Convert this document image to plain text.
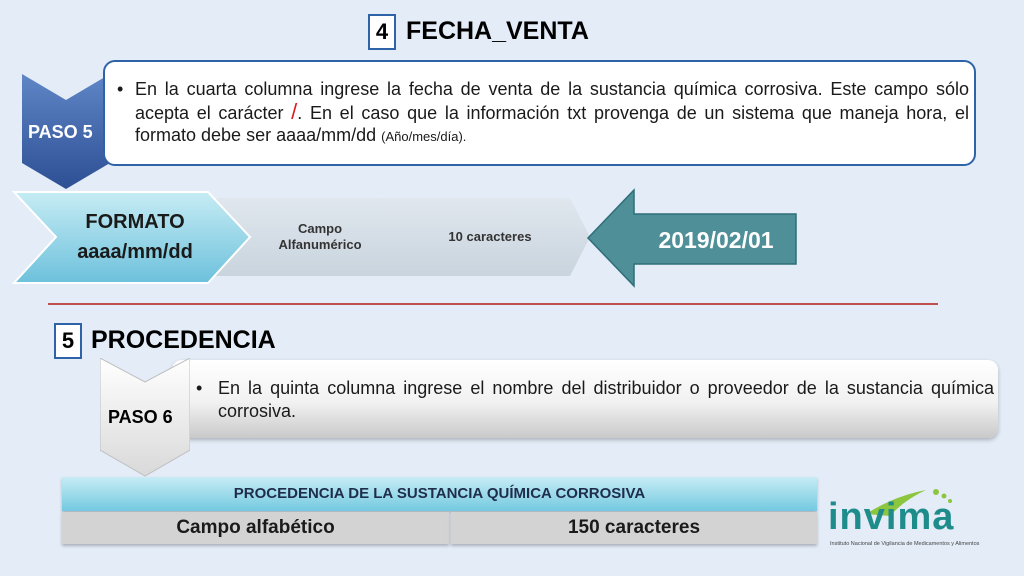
4 FECHA_VENTA
PASO 5
• En la cuarta columna ingrese la fecha de venta de la sustancia química corrosiva. Este campo sólo acepta el carácter /. En el caso que la información txt provenga de un sistema que maneja hora, el formato debe ser aaaa/mm/dd (Año/mes/día).
FORMATO
aaaa/mm/dd
Campo
Alfanumérico
10 caracteres	2019/02/01
5 PROCEDENCIA
• En la quinta columna ingrese el nombre del distribuidor o proveedor de la sustancia química corrosiva.
PASO 6
PROCEDENCIA DE LA SUSTANCIA QUÍMICA CORROSIVA
Campo alfabético	150 caracteres	invima
Instituto Nacional de Vigilancia de Medicamentos y Alimentos
